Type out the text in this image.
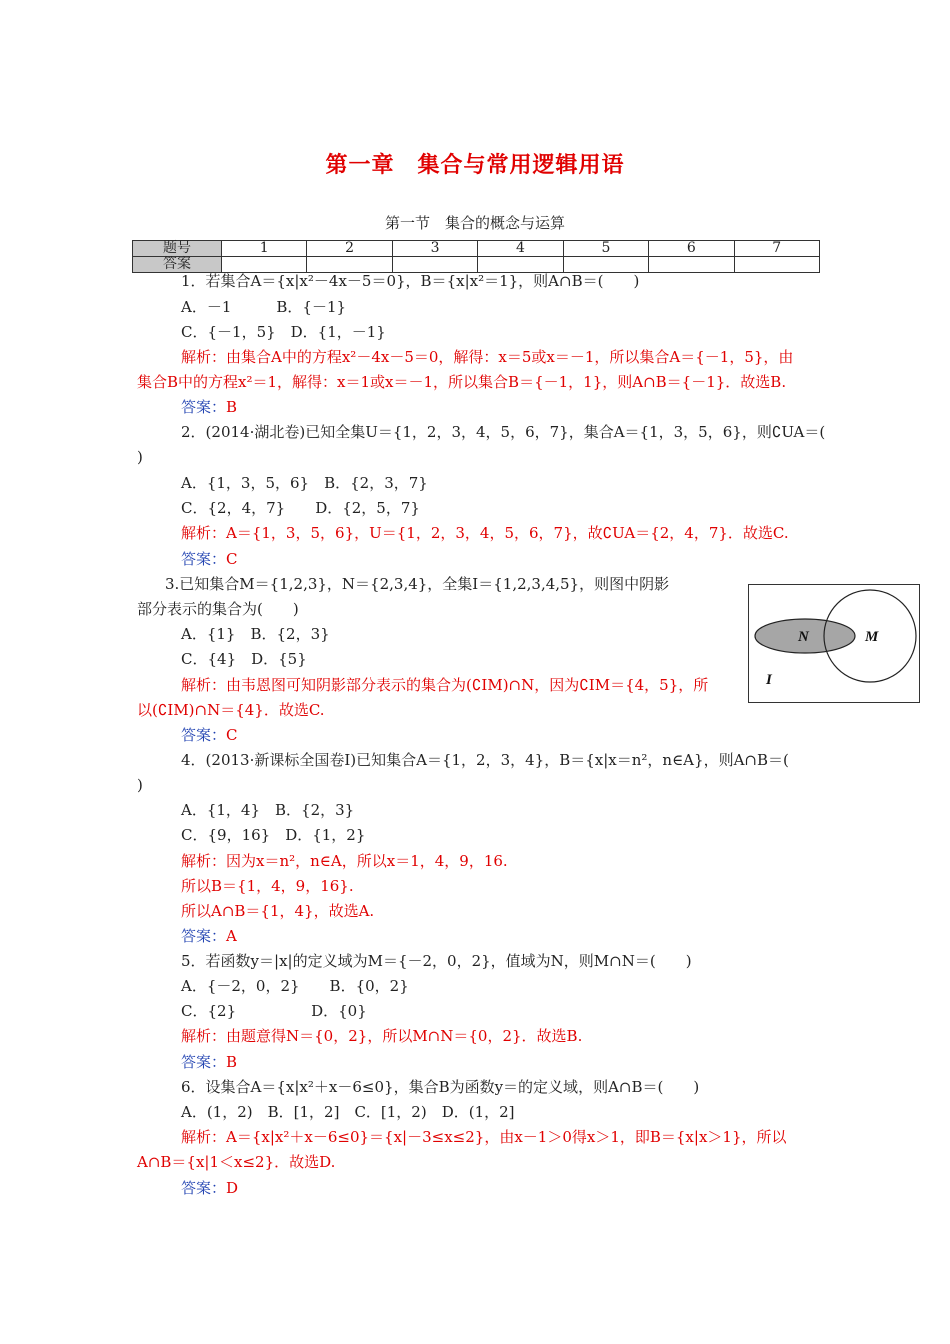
第一章　集合与常用逻辑用语
第一节　集合的概念与运算
题号	1	2	3	4	5	6	7
答案							
1．若集合A＝{x|x²－4x－5＝0}，B＝{x|x²＝1}，则A∩B＝(　　)
A．－1　　　B．{－1}
C．{－1，5}　D．{1，－1}
解析：由集合A中的方程x²－4x－5＝0，解得：x＝5或x＝－1，所以集合A＝{－1，5}，由
集合B中的方程x²＝1，解得：x＝1或x＝－1，所以集合B＝{－1，1}，则A∩B＝{－1}．故选B.
答案：B
2．(2014·湖北卷)已知全集U＝{1，2，3，4，5，6，7}，集合A＝{1，3，5，6}，则∁UA＝(
)
A．{1，3，5，6}　B．{2，3，7}
C．{2，4，7}　　D．{2，5，7}
解析：A＝{1，3，5，6}，U＝{1，2，3，4，5，6，7}，故∁UA＝{2，4，7}．故选C.
答案：C
3.已知集合M＝{1,2,3}，N＝{2,3,4}，全集I＝{1,2,3,4,5}，则图中阴影
部分表示的集合为(　　)
A．{1}　B．{2，3}
C．{4}　D．{5}
解析：由韦恩图可知阴影部分表示的集合为(∁IM)∩N，因为∁IM＝{4，5}，所
以(∁IM)∩N＝{4}．故选C.
答案：C
N	M
I
4．(2013·新课标全国卷Ⅰ)已知集合A＝{1，2，3，4}，B＝{x|x＝n²，n∈A}，则A∩B＝(
)
A．{1，4}　B．{2，3}
C．{9，16}　D．{1，2}
解析：因为x＝n²，n∈A，所以x＝1，4，9，16.
所以B＝{1，4，9，16}.
所以A∩B＝{1，4}，故选A.
答案：A
5．若函数y＝|x|的定义域为M＝{－2，0，2}，值域为N，则M∩N＝(　　)
A．{－2，0，2}　　B．{0，2}
C．{2}　　　　　D．{0}
解析：由题意得N＝{0，2}，所以M∩N＝{0，2}．故选B.
答案：B
6．设集合A＝{x|x²＋x－6≤0}，集合B为函数y＝的定义域，则A∩B＝(　　)
A．(1，2)　B．[1，2]　C．[1，2)　D．(1，2]
解析：A＝{x|x²＋x－6≤0}＝{x|－3≤x≤2}，由x－1＞0得x＞1，即B＝{x|x＞1}，所以
A∩B＝{x|1＜x≤2}．故选D.
答案：D
